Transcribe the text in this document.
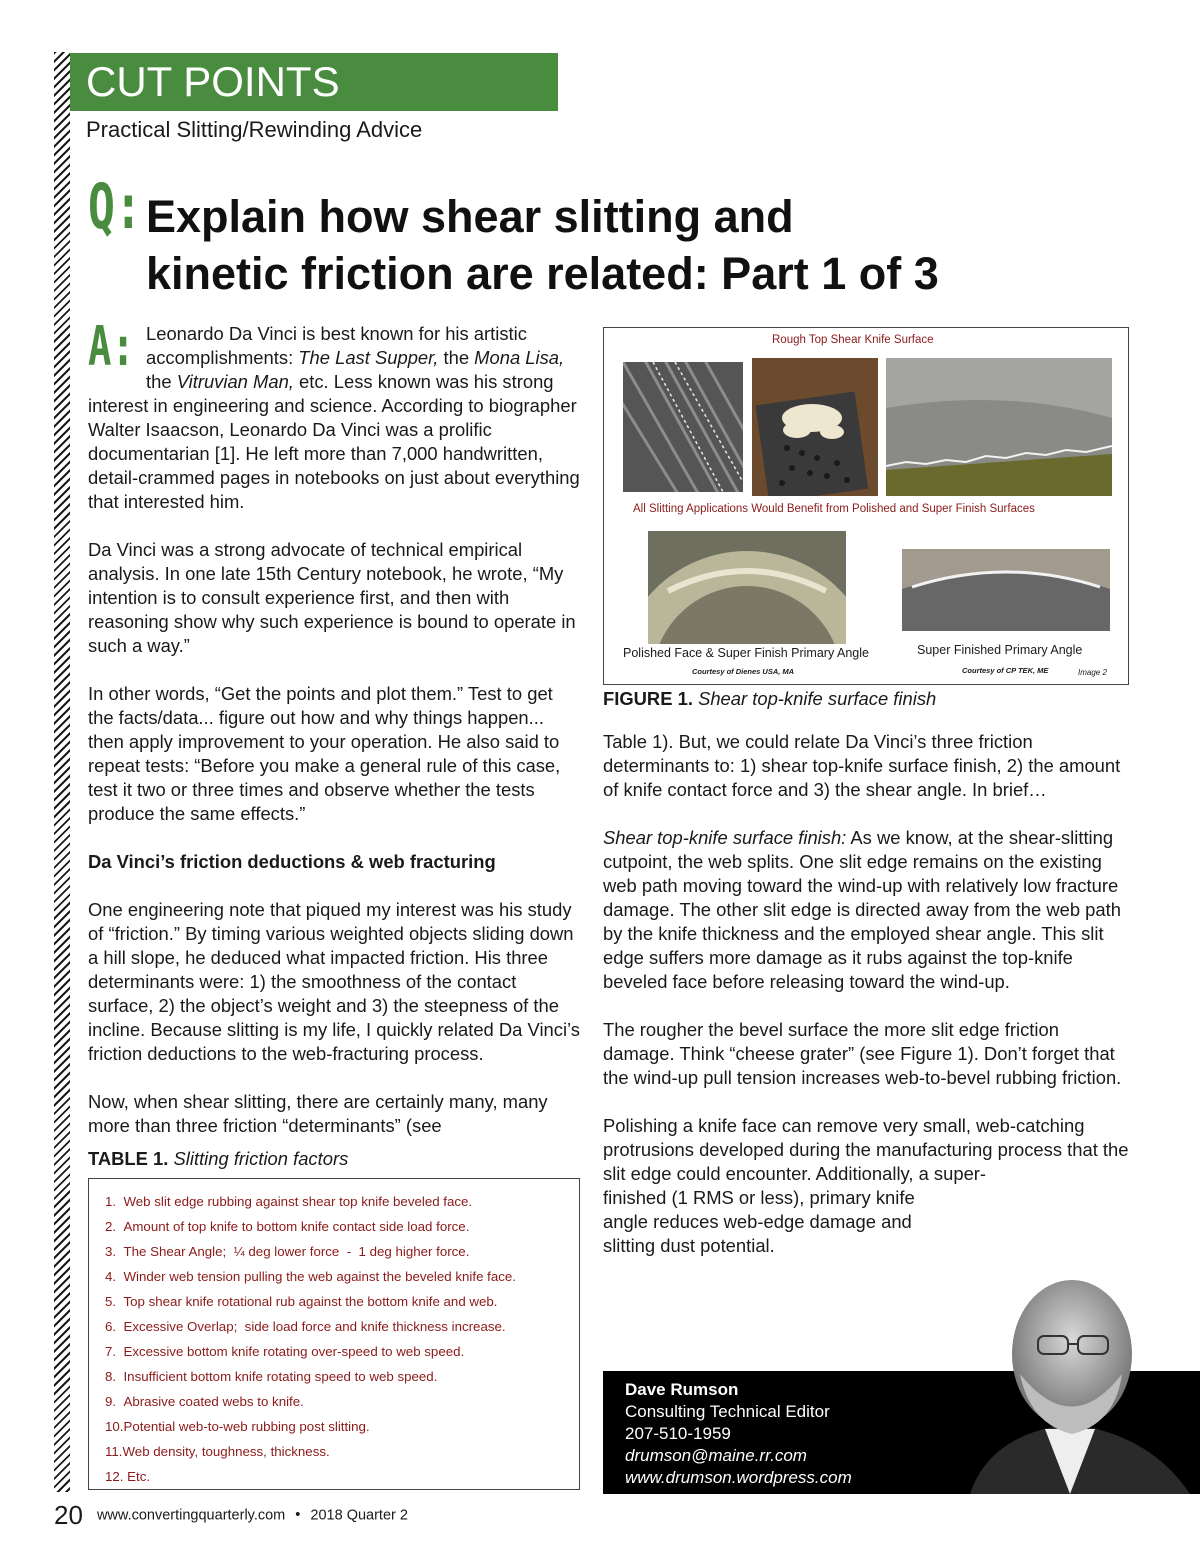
CUT POINTS
Practical Slitting/Rewinding Advice
Q: Explain how shear slitting and
kinetic friction are related: Part 1 of 3
A: Leonardo Da Vinci is best known for his artistic accomplishments: The Last Supper, the Mona Lisa, the Vitruvian Man, etc. Less known was his strong interest in engineering and science. According to biographer Walter Isaacson, Leonardo Da Vinci was a prolific documentarian [1]. He left more than 7,000 handwritten, detail-crammed pages in notebooks on just about everything that interested him.

Da Vinci was a strong advocate of technical empirical analysis. In one late 15th Century notebook, he wrote, “My intention is to consult experience first, and then with reasoning show why such experience is bound to operate in such a way.”

In other words, “Get the points and plot them.” Test to get the facts/data... figure out how and why things happen... then apply improvement to your operation. He also said to repeat tests: “Before you make a general rule of this case, test it two or three times and observe whether the tests produce the same effects.”

Da Vinci’s friction deductions & web fracturing

One engineering note that piqued my interest was his study of “friction.” By timing various weighted objects sliding down a hill slope, he deduced what impacted friction. His three determinants were: 1) the smoothness of the contact surface, 2) the object’s weight and 3) the steepness of the incline. Because slitting is my life, I quickly related Da Vinci’s friction deductions to the web-fracturing process.

Now, when shear slitting, there are certainly many, many more than three friction “determinants” (see

TABLE 1. Slitting friction factors
1.  Web slit edge rubbing against shear top knife beveled face.
2.  Amount of top knife to bottom knife contact side load force.
3.  The Shear Angle;  ¼ deg lower force  -  1 deg higher force.
4.  Winder web tension pulling the web against the beveled knife face.
5.  Top shear knife rotational rub against the bottom knife and web.
6.  Excessive Overlap;  side load force and knife thickness increase.
7.  Excessive bottom knife rotating over-speed to web speed.
8.  Insufficient bottom knife rotating speed to web speed.
9.  Abrasive coated webs to knife.
10.Potential web-to-web rubbing post slitting.
11.Web density, toughness, thickness.
12. Etc.
Rough Top Shear Knife Surface
All Slitting Applications Would Benefit from Polished and Super Finish Surfaces
Polished Face & Super Finish Primary Angle
Courtesy of Dienes USA, MA
Super Finished Primary Angle
Courtesy of CP TEK, ME	Image 2
FIGURE 1. Shear top-knife surface finish

Table 1). But, we could relate Da Vinci’s three friction determinants to: 1) shear top-knife surface finish, 2) the amount of knife contact force and 3) the shear angle. In brief…

Shear top-knife surface finish: As we know, at the shear-slitting cutpoint, the web splits. One slit edge remains on the existing web path moving toward the wind-up with relatively low fracture damage. The other slit edge is directed away from the web path by the knife thickness and the employed shear angle. This slit edge suffers more damage as it rubs against the top-knife beveled face before releasing toward the wind-up.

The rougher the bevel surface the more slit edge friction damage. Think “cheese grater” (see Figure 1). Don’t forget that the wind-up pull tension increases web-to-bevel rubbing friction.

Polishing a knife face can remove very small, web-catching protrusions developed during the manufacturing process that the slit edge could encounter. Additionally, a super-
finished (1 RMS or less), primary knife
angle reduces web-edge damage and
slitting dust potential.

Dave Rumson
Consulting Technical Editor
207-510-1959
drumson@maine.rr.com
www.drumson.wordpress.com
20 www.convertingquarterly.com • 2018 Quarter 2
